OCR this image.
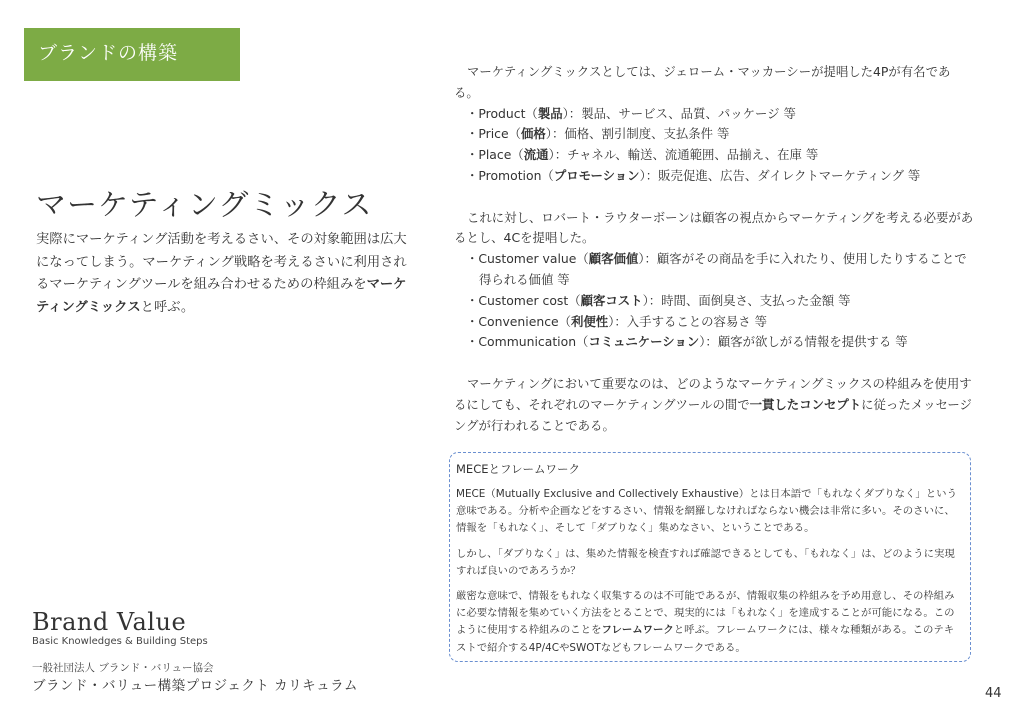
ブランドの構築
マーケティングミックス
実際にマーケティング活動を考えるさい、その対象範囲は広大になってしまう。マーケティング戦略を考えるさいに利用されるマーケティングツールを組み合わせるための枠組みをマーケティングミックスと呼ぶ。
Brand Value
Basic Knowledges & Building Steps
一般社団法人 ブランド・バリュー協会
ブランド・バリュー構築プロジェクト カリキュラム
マーケティングミックスとしては、ジェローム・マッカーシーが提唱した4Pが有名である。
・Product（製品）：製品、サービス、品質、パッケージ 等
・Price（価格）：価格、割引制度、支払条件 等
・Place（流通）：チャネル、輸送、流通範囲、品揃え、在庫 等
・Promotion（プロモーション）：販売促進、広告、ダイレクトマーケティング 等
これに対し、ロバート・ラウターボーンは顧客の視点からマーケティングを考える必要があるとし、4Cを提唱した。
・Customer value（顧客価値）：顧客がその商品を手に入れたり、使用したりすることで得られる価値 等
・Customer cost（顧客コスト）：時間、面倒臭さ、支払った金額 等
・Convenience（利便性）：入手することの容易さ 等
・Communication（コミュニケーション）：顧客が欲しがる情報を提供する 等
マーケティングにおいて重要なのは、どのようなマーケティングミックスの枠組みを使用するにしても、それぞれのマーケティングツールの間で一貫したコンセプトに従ったメッセージングが行われることである。
MECEとフレームワーク
MECE（Mutually Exclusive and Collectively Exhaustive）とは日本語で「もれなくダブりなく」という意味である。分析や企画などをするさい、情報を網羅しなければならない機会は非常に多い。そのさいに、情報を「もれなく」、そして「ダブりなく」集めなさい、ということである。
しかし、「ダブりなく」は、集めた情報を検査すれば確認できるとしても、「もれなく」は、どのように実現すれば良いのであろうか？
厳密な意味で、情報をもれなく収集するのは不可能であるが、情報収集の枠組みを予め用意し、その枠組みに必要な情報を集めていく方法をとることで、現実的には「もれなく」を達成することが可能になる。このように使用する枠組みのことをフレームワークと呼ぶ。フレームワークには、様々な種類がある。このテキストで紹介する4P/4CやSWOTなどもフレームワークである。
44
